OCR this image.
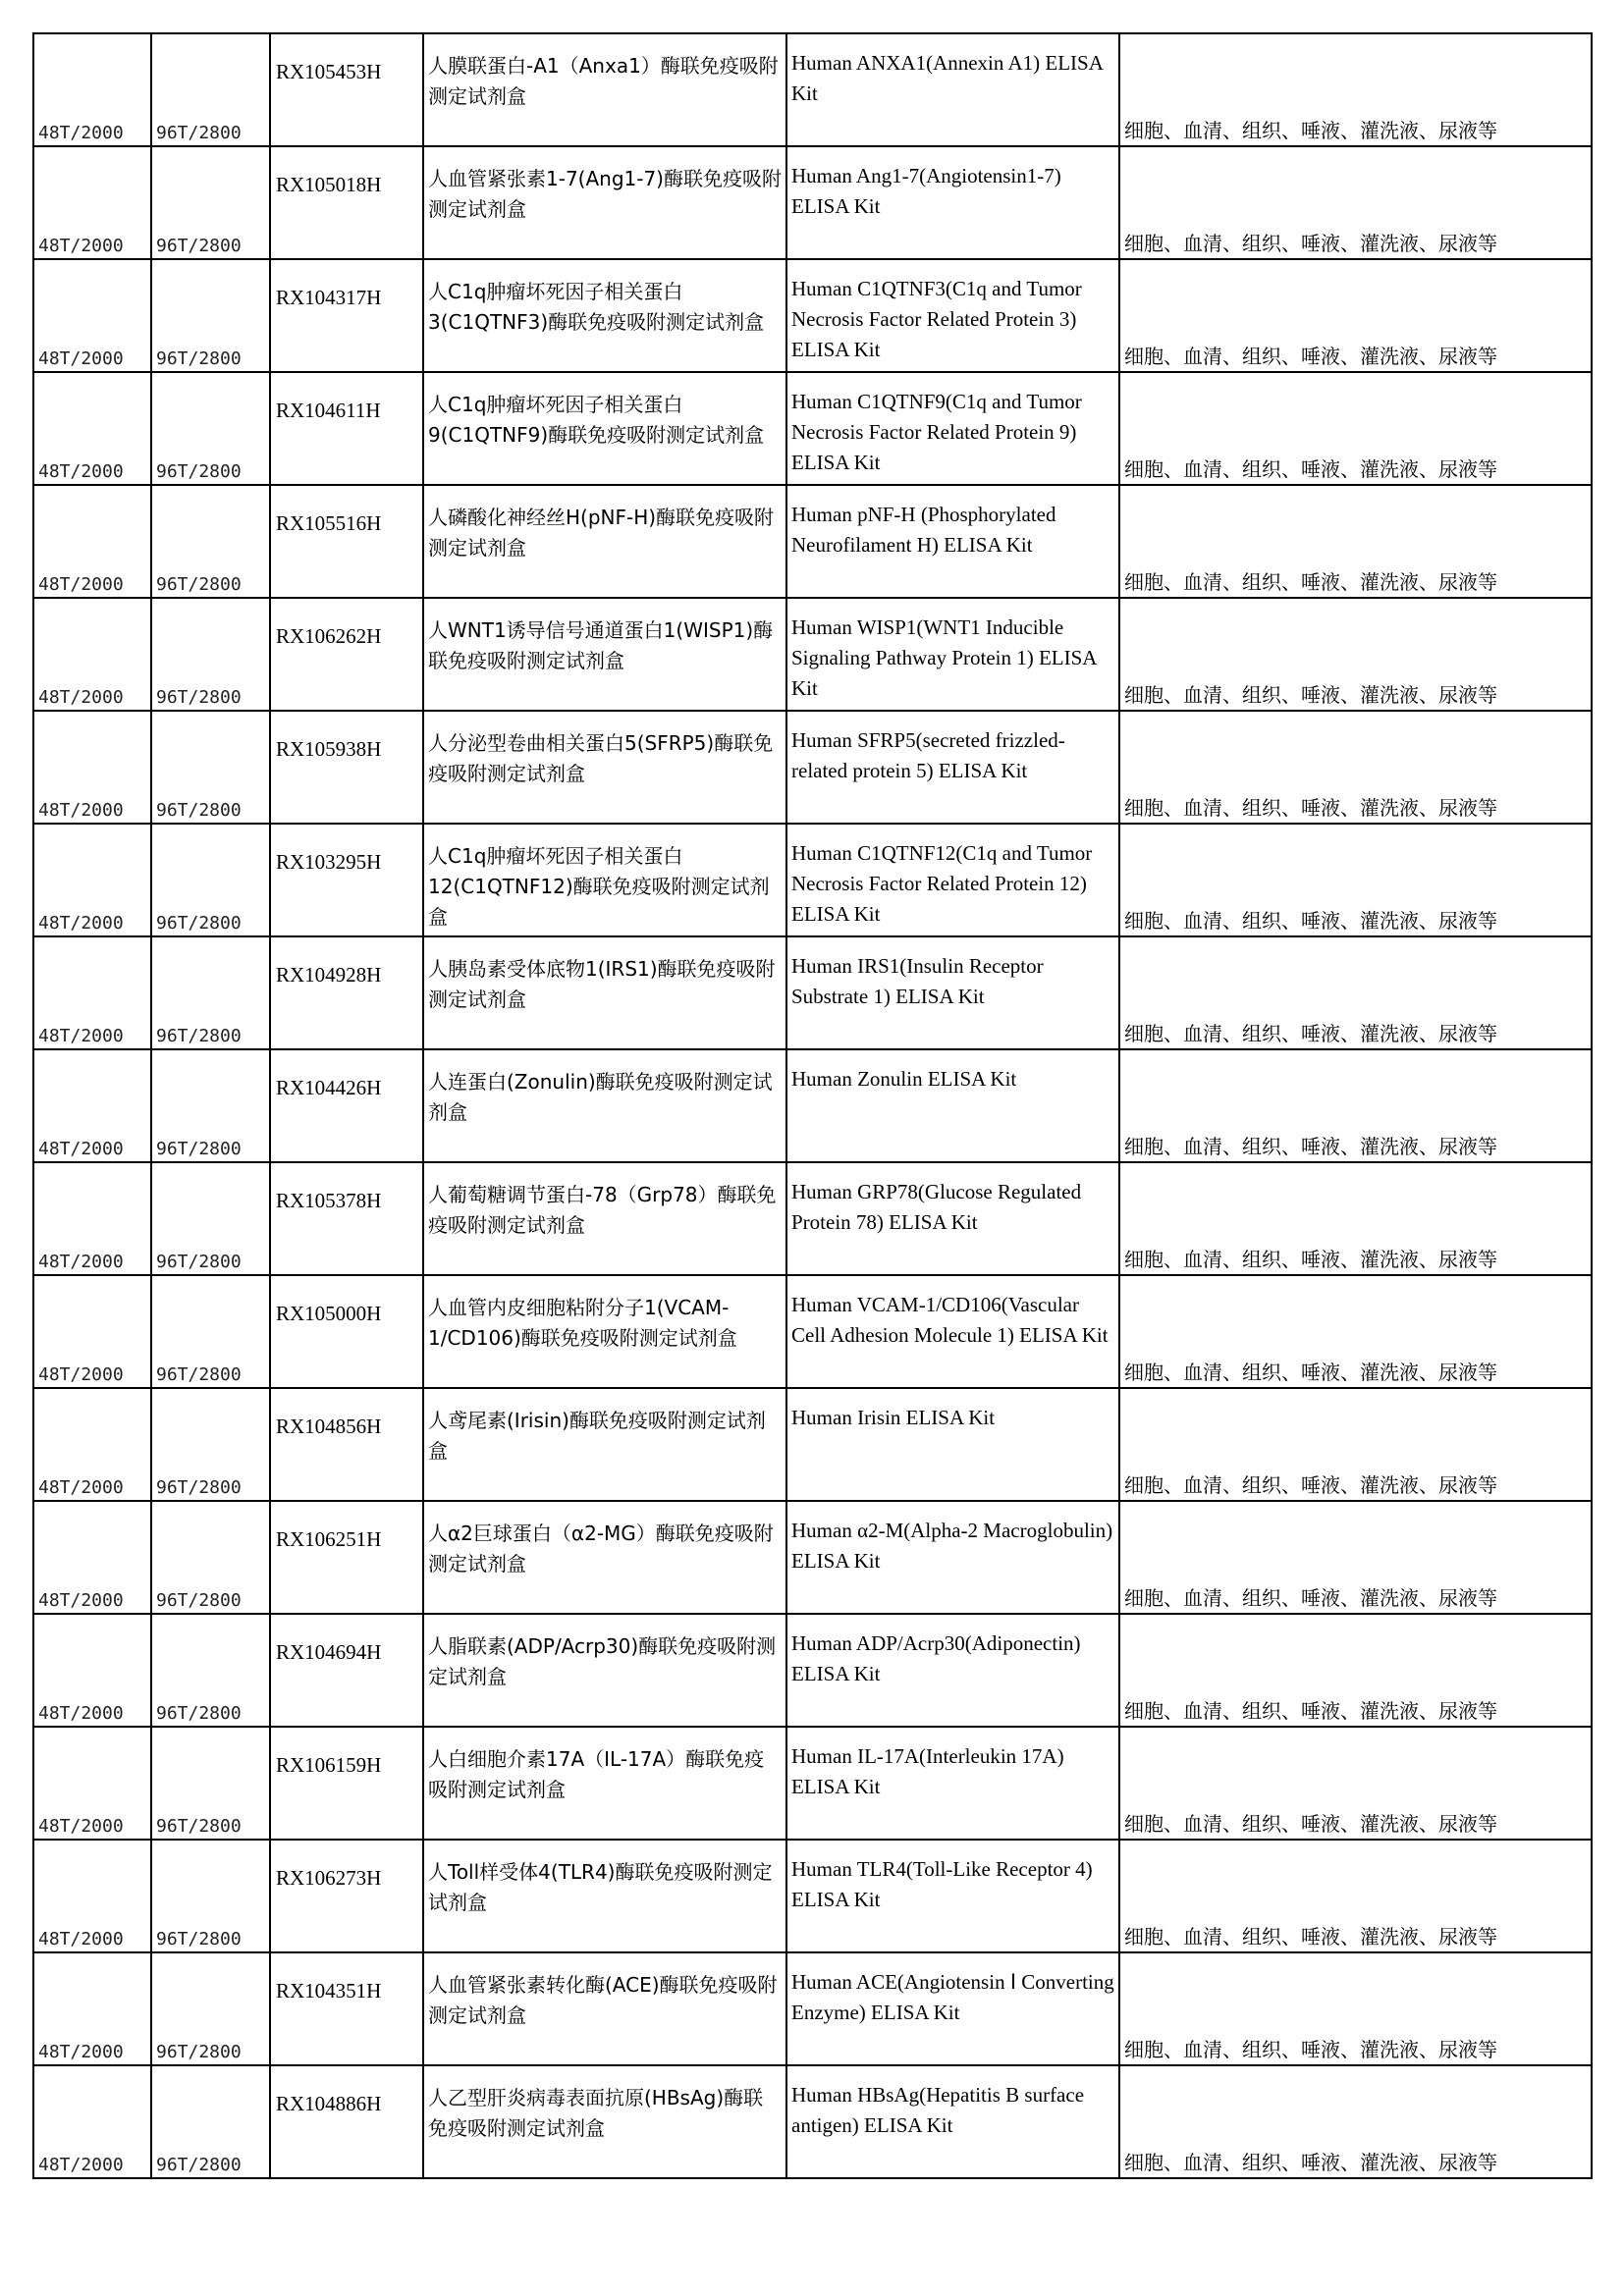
48T/2000	96T/2800	RX105453H	人膜联蛋白-A1（Anxa1）酶联免疫吸附测定试剂盒	Human ANXA1(Annexin A1) ELISA Kit	细胞、血清、组织、唾液、灌洗液、尿液等
48T/2000	96T/2800	RX105018H	人血管紧张素1-7(Ang1-7)酶联免疫吸附测定试剂盒	Human Ang1-7(Angiotensin1-7) ELISA Kit	细胞、血清、组织、唾液、灌洗液、尿液等
48T/2000	96T/2800	RX104317H	人C1q肿瘤坏死因子相关蛋白3(C1QTNF3)酶联免疫吸附测定试剂盒	Human C1QTNF3(C1q and Tumor Necrosis Factor Related Protein 3) ELISA Kit	细胞、血清、组织、唾液、灌洗液、尿液等
48T/2000	96T/2800	RX104611H	人C1q肿瘤坏死因子相关蛋白9(C1QTNF9)酶联免疫吸附测定试剂盒	Human C1QTNF9(C1q and Tumor Necrosis Factor Related Protein 9) ELISA Kit	细胞、血清、组织、唾液、灌洗液、尿液等
48T/2000	96T/2800	RX105516H	人磷酸化神经丝H(pNF-H)酶联免疫吸附测定试剂盒	Human pNF-H (Phosphorylated Neurofilament H) ELISA Kit	细胞、血清、组织、唾液、灌洗液、尿液等
48T/2000	96T/2800	RX106262H	人WNT1诱导信号通道蛋白1(WISP1)酶联免疫吸附测定试剂盒	Human WISP1(WNT1 Inducible Signaling Pathway Protein 1) ELISA Kit	细胞、血清、组织、唾液、灌洗液、尿液等
48T/2000	96T/2800	RX105938H	人分泌型卷曲相关蛋白5(SFRP5)酶联免疫吸附测定试剂盒	Human SFRP5(secreted frizzled-related protein 5) ELISA Kit	细胞、血清、组织、唾液、灌洗液、尿液等
48T/2000	96T/2800	RX103295H	人C1q肿瘤坏死因子相关蛋白12(C1QTNF12)酶联免疫吸附测定试剂盒	Human C1QTNF12(C1q and Tumor Necrosis Factor Related Protein 12) ELISA Kit	细胞、血清、组织、唾液、灌洗液、尿液等
48T/2000	96T/2800	RX104928H	人胰岛素受体底物1(IRS1)酶联免疫吸附测定试剂盒	Human IRS1(Insulin Receptor Substrate 1) ELISA Kit	细胞、血清、组织、唾液、灌洗液、尿液等
48T/2000	96T/2800	RX104426H	人连蛋白(Zonulin)酶联免疫吸附测定试剂盒	Human Zonulin ELISA Kit	细胞、血清、组织、唾液、灌洗液、尿液等
48T/2000	96T/2800	RX105378H	人葡萄糖调节蛋白-78（Grp78）酶联免疫吸附测定试剂盒	Human GRP78(Glucose Regulated Protein 78) ELISA Kit	细胞、血清、组织、唾液、灌洗液、尿液等
48T/2000	96T/2800	RX105000H	人血管内皮细胞粘附分子1(VCAM-1/CD106)酶联免疫吸附测定试剂盒	Human VCAM-1/CD106(Vascular Cell Adhesion Molecule 1) ELISA Kit	细胞、血清、组织、唾液、灌洗液、尿液等
48T/2000	96T/2800	RX104856H	人鸢尾素(Irisin)酶联免疫吸附测定试剂盒	Human Irisin ELISA Kit	细胞、血清、组织、唾液、灌洗液、尿液等
48T/2000	96T/2800	RX106251H	人α2巨球蛋白（α2-MG）酶联免疫吸附测定试剂盒	Human α2-M(Alpha-2 Macroglobulin) ELISA Kit	细胞、血清、组织、唾液、灌洗液、尿液等
48T/2000	96T/2800	RX104694H	人脂联素(ADP/Acrp30)酶联免疫吸附测定试剂盒	Human ADP/Acrp30(Adiponectin) ELISA Kit	细胞、血清、组织、唾液、灌洗液、尿液等
48T/2000	96T/2800	RX106159H	人白细胞介素17A（IL-17A）酶联免疫吸附测定试剂盒	Human IL-17A(Interleukin 17A) ELISA Kit	细胞、血清、组织、唾液、灌洗液、尿液等
48T/2000	96T/2800	RX106273H	人Toll样受体4(TLR4)酶联免疫吸附测定试剂盒	Human TLR4(Toll-Like Receptor 4) ELISA Kit	细胞、血清、组织、唾液、灌洗液、尿液等
48T/2000	96T/2800	RX104351H	人血管紧张素转化酶(ACE)酶联免疫吸附测定试剂盒	Human ACE(Angiotensin Ⅰ Converting Enzyme) ELISA Kit	细胞、血清、组织、唾液、灌洗液、尿液等
48T/2000	96T/2800	RX104886H	人乙型肝炎病毒表面抗原(HBsAg)酶联免疫吸附测定试剂盒	Human HBsAg(Hepatitis B surface antigen) ELISA Kit	细胞、血清、组织、唾液、灌洗液、尿液等
